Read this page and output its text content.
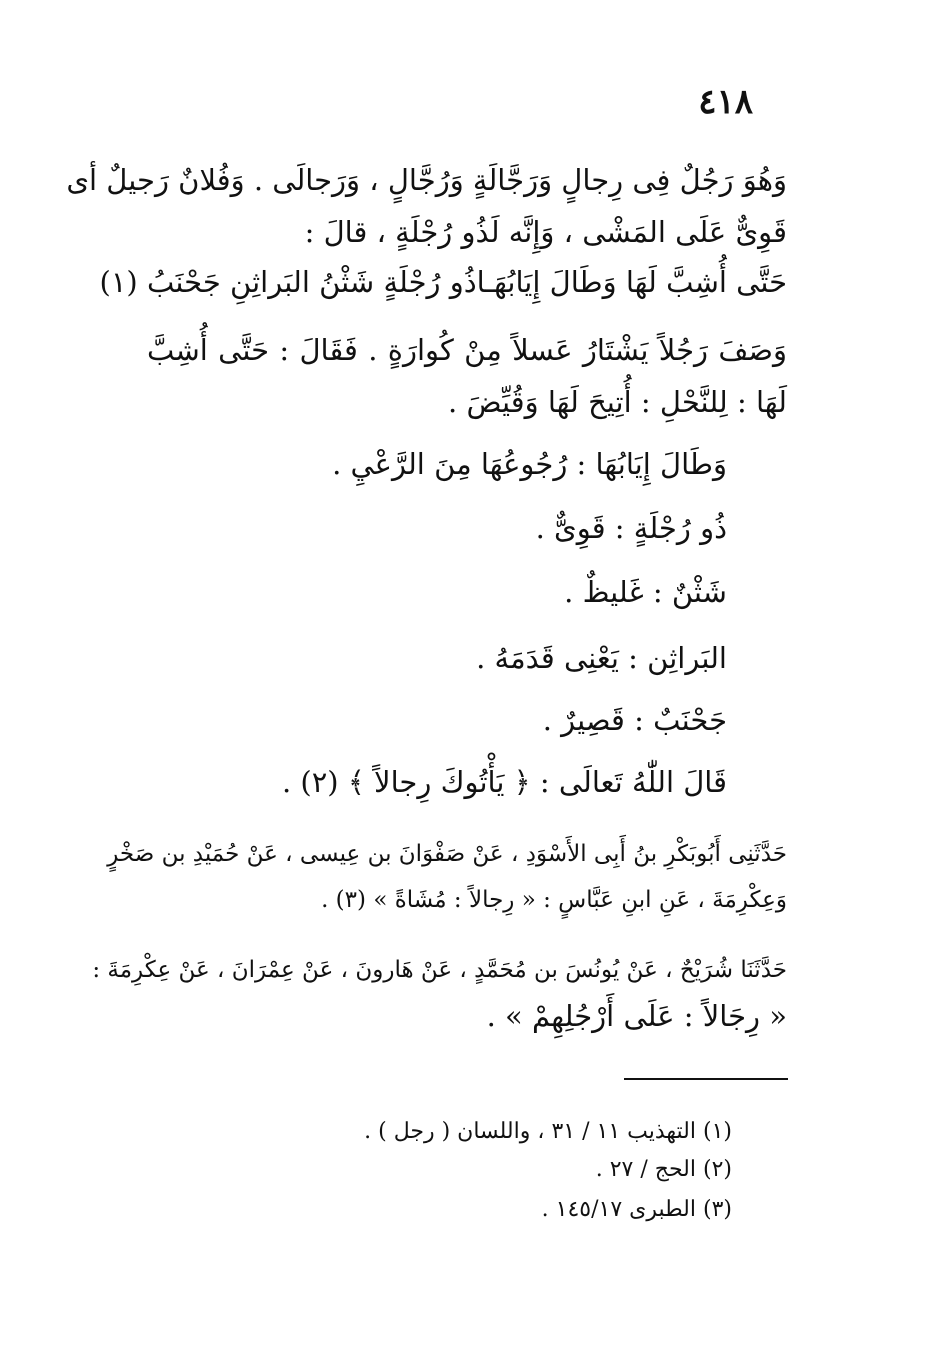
٤١٨
وَهُوَ رَجُلٌ فِى رِجالٍ وَرَجَّالَةٍ وَرُجَّالٍ ، وَرَجالَى . وَفُلانٌ رَجيلٌ أى
قَوِىٌّ عَلَى المَشْى ، وَإِنَّه لَذُو رُجْلَةٍ ، قالَ :
حَتَّى أُشِبَّ لَهَا وَطَالَ إِيَابُهَـا
ذُو رُجْلَةٍ شَثْنُ البَراثِنِ جَحْنَبُ (١)
وَصَفَ رَجُلاً يَشْتَارُ عَسلاً مِنْ كُوارَةٍ . فَقَالَ : حَتَّى أُشِبَّ
لَهَا : لِلنَّحْلِ : أُتِيحَ لَهَا وَقُيِّضَ .
وَطَالَ إِيَابُهَا : رُجُوعُهَا مِنَ الرَّعْيِ .
ذُو رُجْلَةٍ : قَوِىٌّ .
شَثْنٌ : غَليظٌ .
البَراثِن : يَعْنِى قَدَمَهُ .
جَحْنَبٌ : قَصِيرٌ .
قَالَ اللّٰهُ تَعالَى : ﴿ يَأْتُوكَ رِجالاً ﴾ (٢) .
حَدَّثَنِى أَبُوبَكْرِ بنُ أَبِى الأَسْوَدِ ، عَنْ صَفْوَانَ بن عِيسى ، عَنْ حُمَيْدِ بن صَخْرٍ
وَعِكْرِمَةَ ، عَنِ ابنِ عَبَّاسٍ : « رِجالاً : مُشَاةً » (٣) .
حَدَّثَنَا شُرَيْحٌ ، عَنْ يُونُسَ بن مُحَمَّدٍ ، عَنْ هَارونَ ، عَنْ عِمْرَانَ ، عَنْ عِكْرِمَةَ :
« رِجَالاً : عَلَى أَرْجُلِهِمْ » .
(١) التهذيب ١١ / ٣١ ، واللسان ( رجل ) .
(٢) الحج / ٢٧ .
(٣) الطبرى ١٤٥/١٧ .
